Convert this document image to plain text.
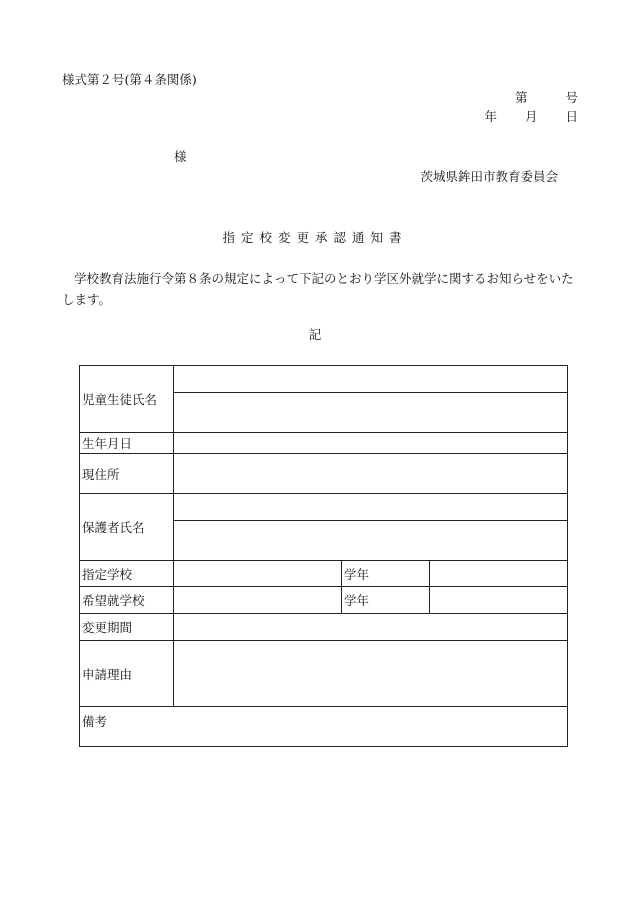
様式第２号(第４条関係)
第	号
年 月 日
様
茨城県鉾田市教育委員会
指定校変更承認通知書
学校教育法施行令第８条の規定によって下記のとおり学区外就学に関するお知らせをいたします。
記
児童生徒氏名			

生年月日			
現住所			
保護者氏名			

指定学校		学年	
希望就学校		学年	
変更期間			
申請理由			
備考			
